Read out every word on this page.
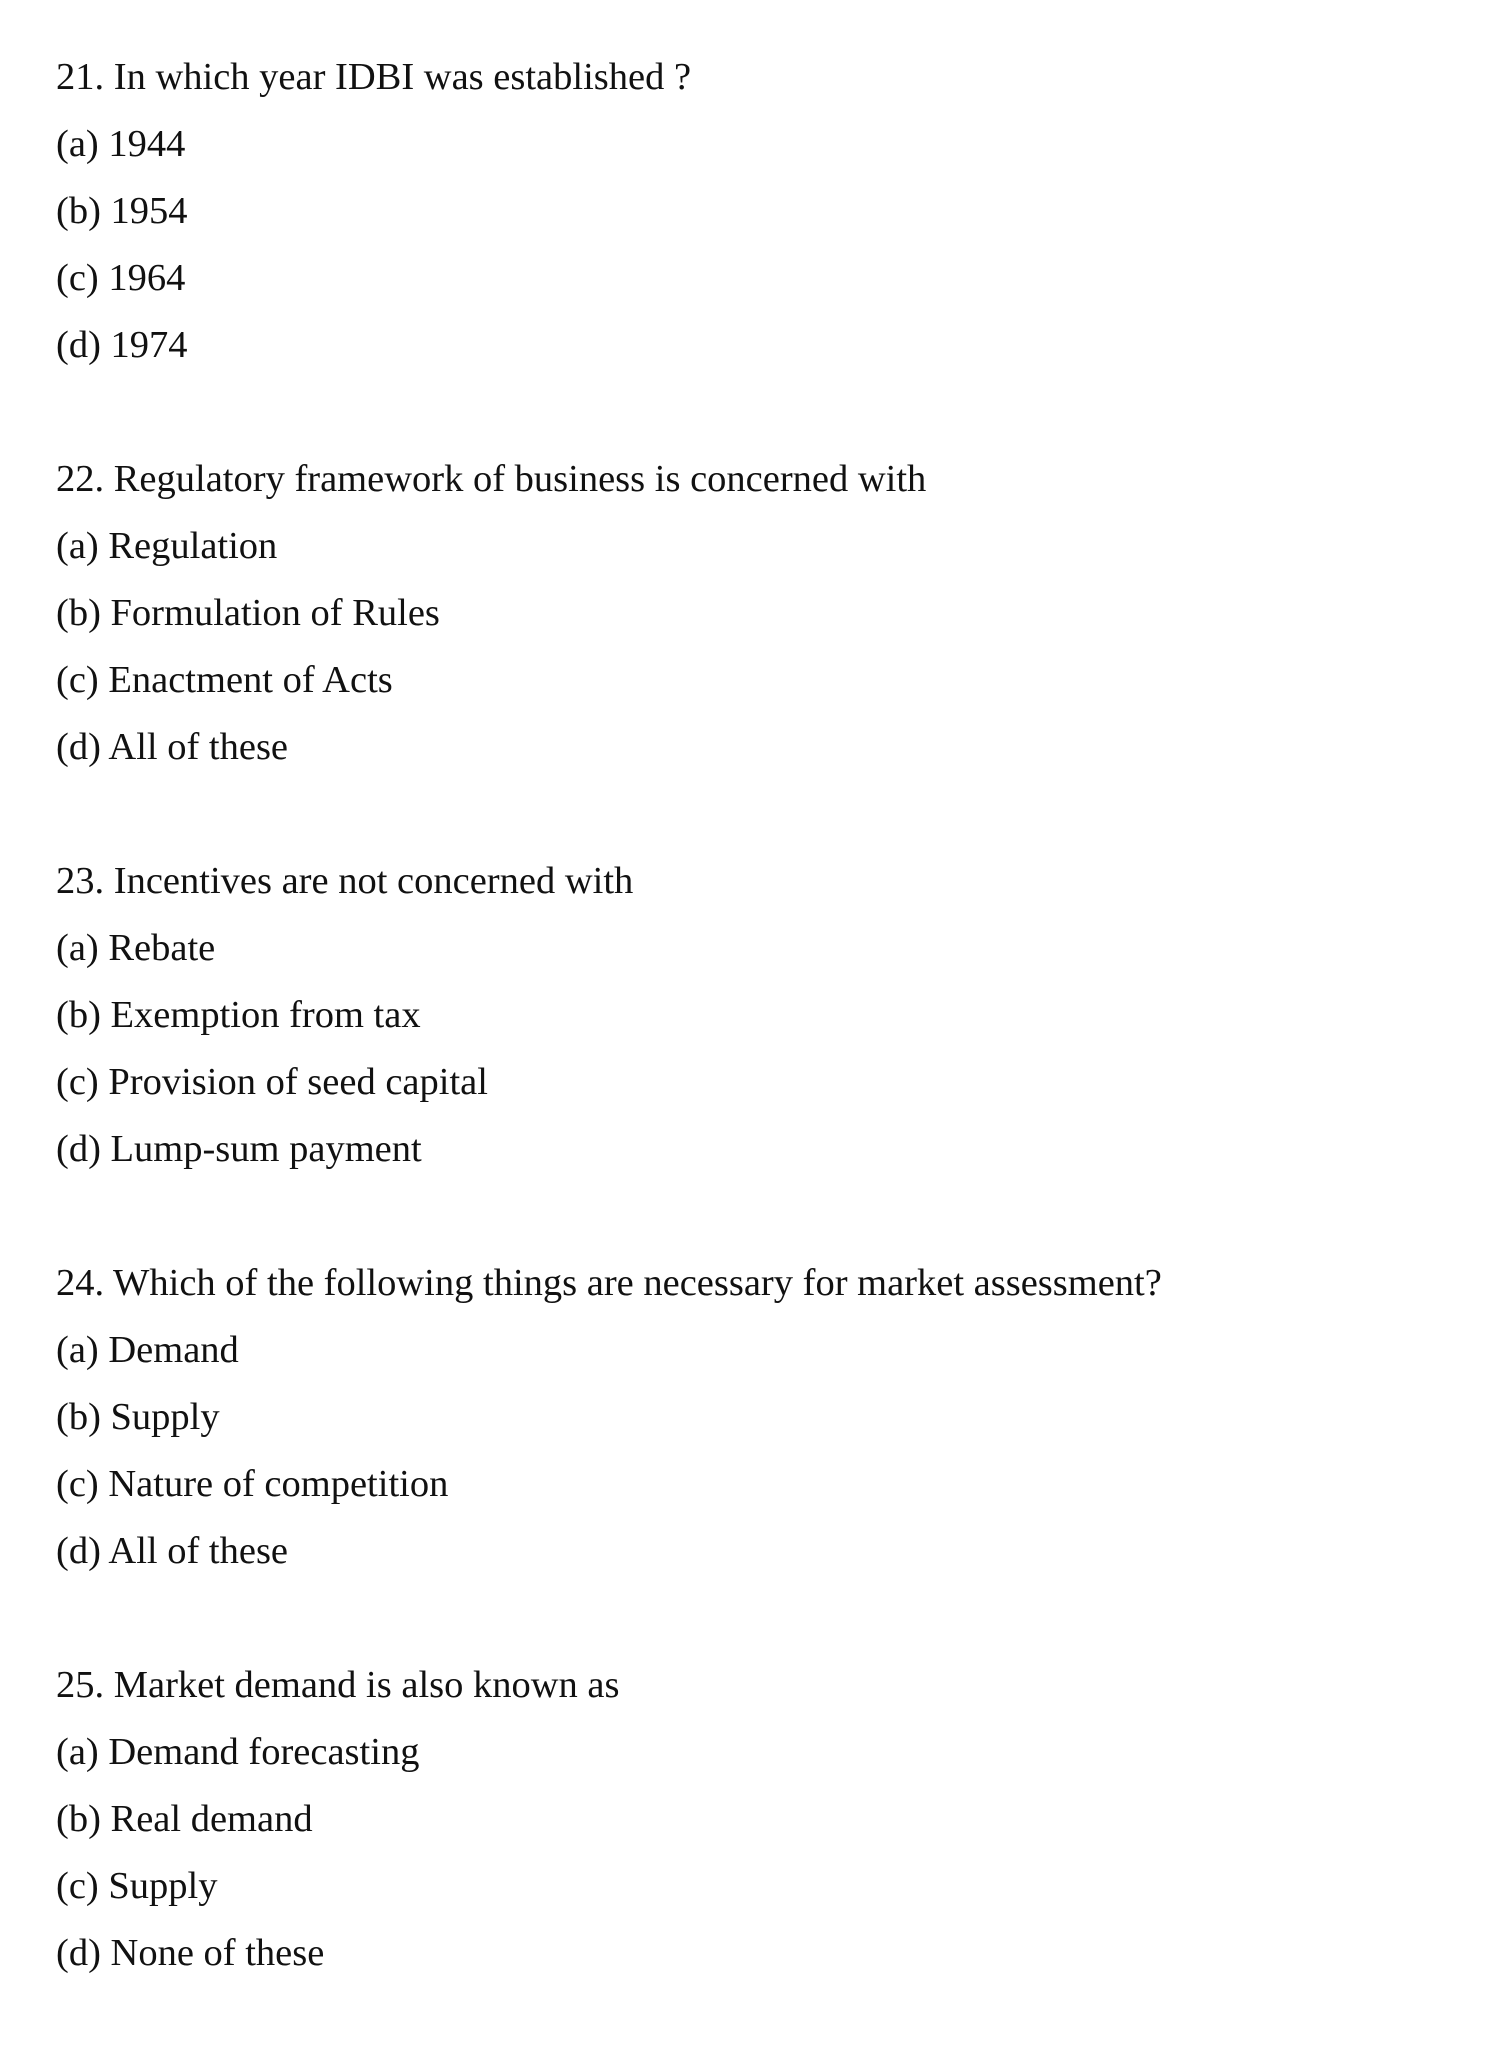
21. In which year IDBI was established ?
(a) 1944
(b) 1954
(c) 1964
(d) 1974
22. Regulatory framework of business is concerned with
(a) Regulation
(b) Formulation of Rules
(c) Enactment of Acts
(d) All of these
23. Incentives are not concerned with
(a) Rebate
(b) Exemption from tax
(c) Provision of seed capital
(d) Lump-sum payment
24. Which of the following things are necessary for market assessment?
(a) Demand
(b) Supply
(c) Nature of competition
(d) All of these
25. Market demand is also known as
(a) Demand forecasting
(b) Real demand
(c) Supply
(d) None of these
